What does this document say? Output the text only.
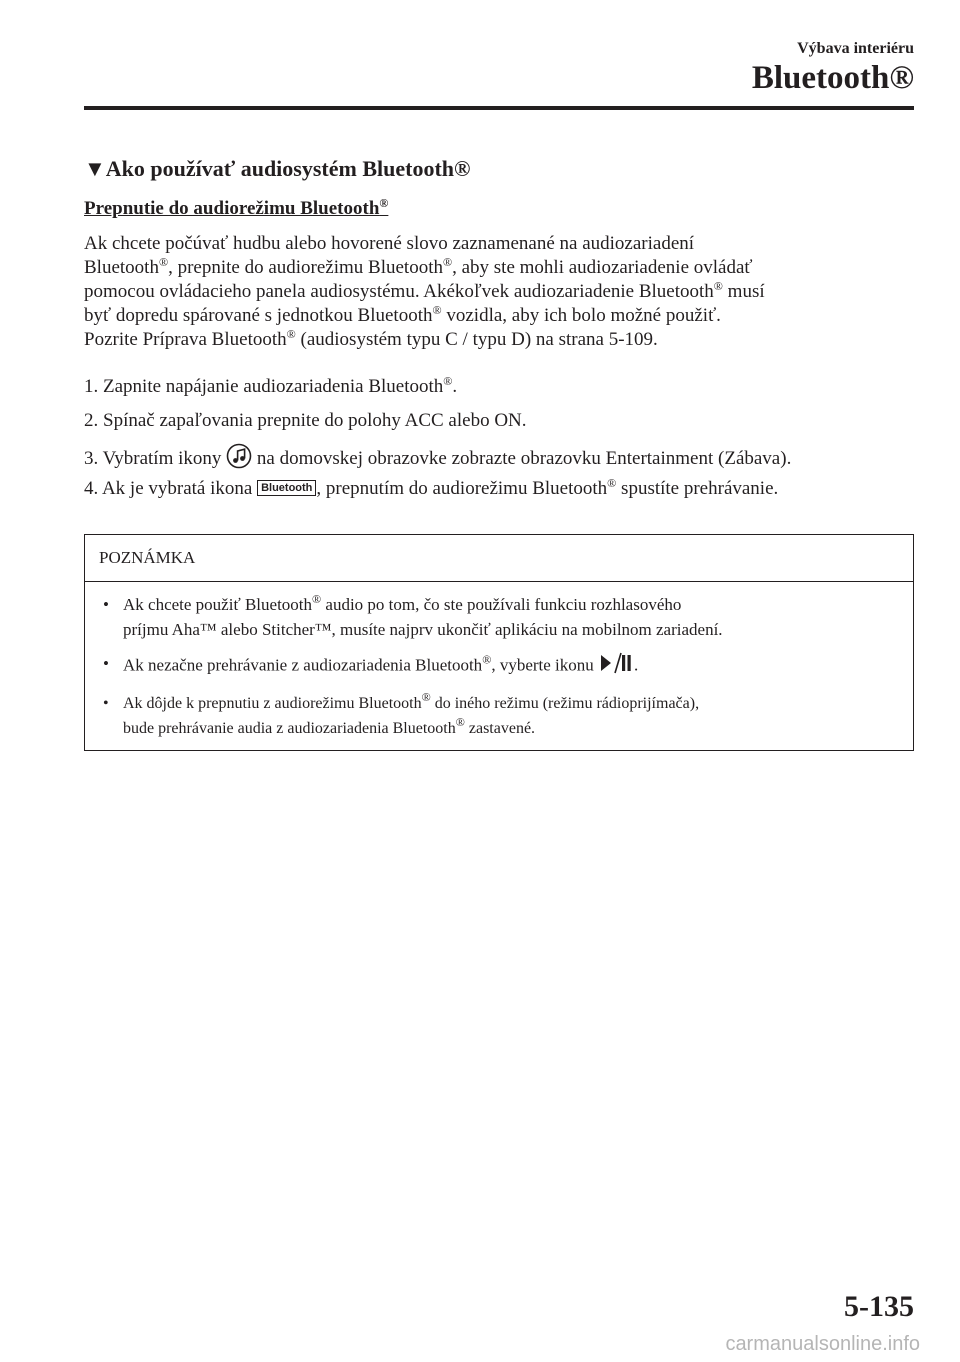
Výbava interiéru
Bluetooth®
▼Ako používať audiosystém Bluetooth®
Prepnutie do audiorežimu Bluetooth®

Ak chcete počúvať hudbu alebo hovorené slovo zaznamenané na audiozariadení

Bluetooth®, prepnite do audiorežimu Bluetooth®, aby ste mohli audiozariadenie ovládať

pomocou ovládacieho panela audiosystému. Akékoľvek audiozariadenie Bluetooth® musí

byť dopredu spárované s jednotkou Bluetooth® vozidla, aby ich bolo možné použiť.

Pozrite Príprava Bluetooth® (audiosystém typu C / typu D) na strana 5-109.

1. Zapnite napájanie audiozariadenia Bluetooth®.
2. Spínač zapaľovania prepnite do polohy ACC alebo ON.
3. Vybratím ikony  na domovskej obrazovke zobrazte obrazovku Entertainment (Zábava).
4. Ak je vybratá ikona Bluetooth , prepnutím do audiorežimu Bluetooth® spustíte prehrávanie.
POZNÁMKA
• Ak chcete použiť Bluetooth® audio po tom, čo ste používali funkciu rozhlasového
príjmu Aha™ alebo Stitcher™, musíte najprv ukončiť aplikáciu na mobilnom zariadení.
• Ak nezačne prehrávanie z audiozariadenia Bluetooth®, vyberte ikonu .
• Ak dôjde k prepnutiu z audiorežimu Bluetooth® do iného režimu (režimu rádioprijímača),
bude prehrávanie audia z audiozariadenia Bluetooth® zastavené.
5-135
carmanualsonline.info
